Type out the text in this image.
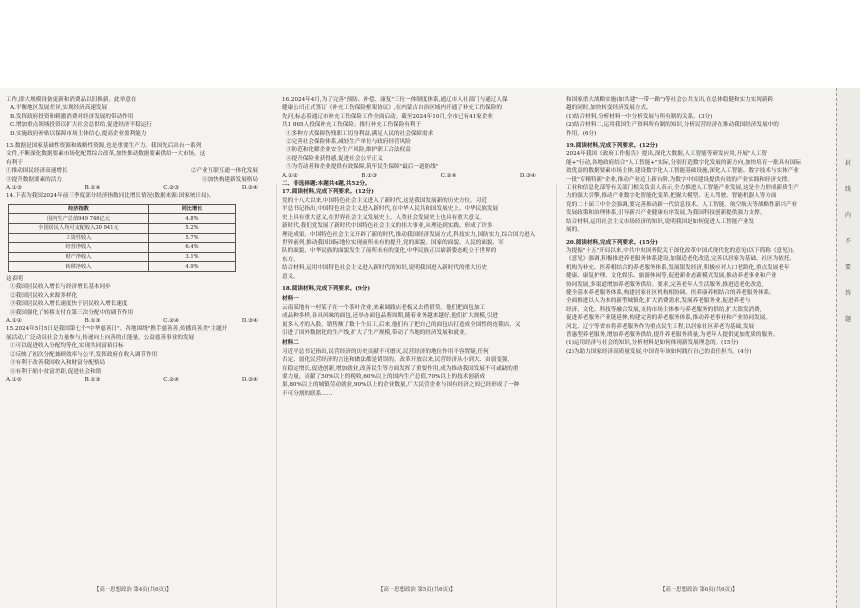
工作,即大规模设备更新和消费品以旧换新。此举意在
A.平衡地区发展差异,实现经济高速发展
B.发挥政府投资和刺激消费对经济发展的带动作用
C.增加重点领域投资以扩大社会总供给,促进经济平稳运行
D.实施政府补贴以保障市场主体信心,提高企业盈利能力
13.数据是国家基础性资源和战略性资源,也是重要生产力。我国先后出台一系列
文件,不断深化数据要素市场化配置综合改革,加快推动数据要素供给一大市场。这
有利于
①推动国民经济高速增长	②产业互联互通一体化发展
③提升数据要素的活力	④加快构建新发展格局
A.①③	B.①④	C.②③	D.②④
14.下表为我国2024年前三季度部分经济指数同比增长情况(数据来源:国家统计局)。
经济指数	同比增长
国内生产总值949 746亿元	4.8%
全国居民人均可支配收入30 941元	5.2%
工资性收入	5.7%
经营净收入	6.4%
财产净收入	3.1%
转移净收入	4.9%
这表明
①我国居民收入增长与经济增长基本同步
②我国居民收入来源多样化
③我国居民收入增长速度快于居民收入增长速度
④我国强化了转移支付在第三次分配中的调节作用
A.①②	B.①③	C.②④	D.③④
15.2024年5月5日是我国第七个"中华慈善日"。各地围绕"携手慈善善,传播真善美"主题开
展活动,广泛动员社会力量参与,传递向上向善的正能量。公益慈善事业的发展
①可以促进收入分配均等化,实现共同富裕目标
②反映了初次分配兼顾效率与公平,发挥政府在收入调节作用
③有利于改善我国收入和财富分配格局
④有利于缩小贫富差距,促进社会和谐
A.①②	B.①③	C.②④	D.③④
16.2024年4月,为了完善"预防、补偿、康复"三位一体制度体系,通辽市人社部门与通辽人保
健康公司正式签订《补充工伤保险框架协议》,在内蒙古自治区域内开通了补充工伤保险的
先河,标志着通辽市补充工伤保险工作全面启动。截至2024年10月,全市已有41家企业
共1 865人投保补充工伤保险。推行补充工伤保险有利于
①多种方式保障伤残职工切身利益,满足人民的社会保障需求
②完善社会保险体系,减轻生产单位与政府经营风险
③防范和化解企业安全生产风险,维护职工合法权益
④提升保险业获得感,促进社会公平正义
⑤为劳动者和企业提供有效保障,筑牢民生保障"最后一道防线"
A.①②	B.①③	C.②④	D.③④
二、非选择题:本题共4题,共52分。
17.阅读材料,完成下列要求。(12分)
党的十八大以来,中国特色社会主义进入了新时代,这是我国发展新的历史方位。习近
平总书记指出,中国特色社会主义进入新时代,在中华人民共和国发展史上、中华民族发展
史上具有重大意义,在世界社会主义发展史上、人类社会发展史上也具有重大意义。
新时代,我们党发展了新时代中国特色社会主义的伟大事业,从理论到实践。形成了许多
理论成果。中国特色社会主义开辟了新的时代,推动我国经济发展方式,科技实力,国防实力,综合国力进入
世界前列,推动我国国际地位实现前所未有的提升,党的面貌、国家的面貌、人民的面貌、军
队的面貌、中华民族的面貌发生了前所未有的变化,中华民族正以崭新姿态屹立于世界的
东方。
结合材料,运用中国特色社会主义进入新时代的知识,说明我国进入新时代的重大历史
意义。
18.阅读材料,完成下列要求。(9分)
材料一
云南某地有一村某子在一个茶叶企业,来素调践店老板又去借借贷。他们把面包加工
成品种多样,各具风味的面包,还举办面包品鉴周期,随着业务越来越好,他们扩大规模,引进
更多人才的入股。销售额了数十个员工,后来,他们有了把自己的面包店打造成全国性的连锁店。又
引进了国外数据化的生产线,扩大了生产规模,带动了当地的经济发展和就业。
材料二
习近平总书记指出,民营经济的历史贡献不可磨灭,民营经济的地位作用不容置疑,任何
否定、弱化民营经济的言论和做法都是错误的。改革开放以来,民营经济从小到大、由弱变强,
在稳定增长,促进创新,增加就业,改善民生等方面发挥了重要作用,成为推动我国发展不可或缺的重
要力量。贡献了50%以上的税收,60%以上的国内生产总值,70%以上的技术创新成
果,80%以上的城镇劳动就业,90%以上的企业数量,广大民营企业与国有经济之间已经形成了一种
不可分割的联系……
和国家重大战略实施(如共建"一带一路")等社会公共支出,在总体稳健和实力实现新跨
越的同时,加快转变经济发展方式。
(1)结合材料,分析材料一中分析发展与所有制的关系。(3分)
(2)结合材料二,运用我国生产资料所有制的知识,分析民营经济在推动我国经济发展中的
作用。(6分)
19.阅读材料,完成下列要求。(12分)
2024年我国《政府工作报告》提出,深化大数据,人工智能等研发应用,开展"人工智
能+"行动,各地政府结合"人工智能+"实际,分别打造数字化发展的新方向,加快培育一批具有国际
效优益的数据要素市场主体,建设数字化人工智能基础设施,深化人工智能、数字技术与实体产业
一批"专精特新"企业,推动产业迈上新台阶,为数字中国建设提供有效的产业实践和经济支撑。
工业和信息化部等有关部门相关负责人表示,全力推进人工智能产业发展,这是全力形成新质生产
力的强大引擎,推动产业数字化智能化变革,把握大模型、无人驾驶、智能机器人等方面
党的二十届三中全会强调,要完善推动新一代信息技术、人工智能、航空航天等战略性新兴产业
发展政策和治理体系,引导新兴产业健康有序发展,为我国科技创新提供强力支撑。
结合材料,运用社会主义市场经济的知识,说明我国是如何促进人工智能产业发
展的。
20.阅读材料,完成下列要求。(15分)
为提振"十五"开局以来,中共中央国务院关于深化改革中国式现代化的意见(以下简称《意见》),
《意见》强调,积极推进养老服务体系建设,加强适老化改造,完善以居家为基础、社区为依托、
机构为补充、医养相结合的养老服务体系,发展银发经济,积极应对人口老龄化,重点发展老年
健康、康复护理、文化娱乐、旅游休闲等,促进新业态新模式发展,推动养老事业和产业
协同发展,多渠道增加养老服务供给。要求,完善老年人生活服务,推进适老化改造,
健全基本养老服务体系,构建居家社区机构相协调、医养康养相结合的养老服务体系。
全面推进以人为本的新型城镇化,扩大消费需求,发展养老服务业,促进养老与
经济、文化、科技等融合发展,支持市场主体参与养老服务的供给,扩大银发消费,
促进养老服务产业链延伸,构建完善的养老服务体系,推动养老事业和产业协同发展。
河北、辽宁等省市将养老服务作为重点民生工程,以居家社区养老为基础,发展
普惠型养老服务,增加养老服务供给,提升养老服务质量,为老年人提供更加优质的服务。
(1)运用经济与社会的知识,分析材料是如何体现新发展理念的。(15分)
(2)为助力国家经济高质量发展,中国青年该如何践行自己的责任担当。(4分)
【高一思想政治 第4页(共6页)】	【高一思想政治 第5页(共6页)】	【高一思想政治 第6页(共6页)】
封
线
内
不
要
答
题
